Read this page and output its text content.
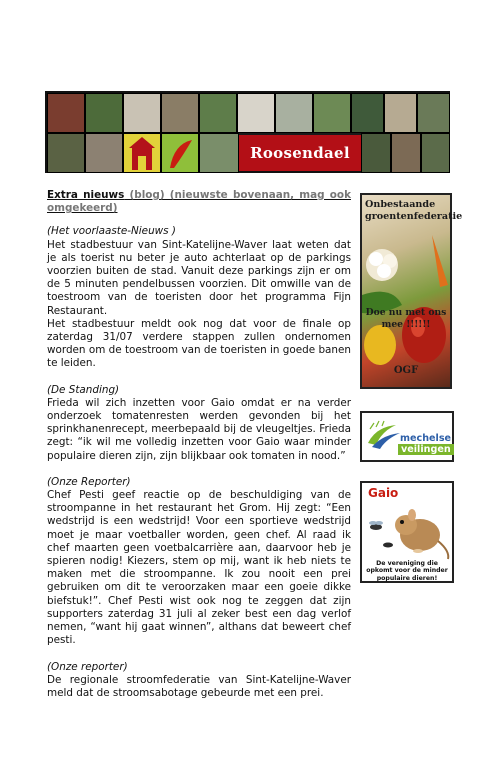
Roosendael

Extra nieuws (blog) (nieuwste bovenaan, mag ook omgekeerd)

(Het voorlaaste-Nieuws )

Het stadbestuur van Sint-Katelijne-Waver laat weten dat je als toerist nu beter je auto achterlaat op de parkings voorzien buiten de stad. Vanuit deze parkings zijn er om de 5 minuten pendelbussen voorzien. Dit omwille van de toestroom van de toeristen door het programma Fijn Restaurant.

Het stadbestuur meldt ook nog dat voor de finale op zaterdag 31/07 verdere stappen zullen ondernomen worden om de toestroom van de toeristen in goede banen te leiden.

(De Standing)

Frieda wil zich inzetten voor Gaio omdat er na verder onderzoek tomatenresten werden gevonden bij het sprinkhanenrecept, meerbepaald bij de vleugeltjes. Frieda zegt: “ik wil me volledig inzetten voor Gaio waar minder populaire dieren zijn, zijn blijkbaar ook tomaten in nood.”

(Onze Reporter)

Chef Pesti geef reactie op de beschuldiging van de stroompanne in het restaurant het Grom. Hij zegt: “Een wedstrijd is een wedstrijd! Voor een sportieve wedstrijd moet je maar voetballer worden, geen chef. Al raad ik chef maarten geen voetbalcarrière aan, daarvoor heb je spieren nodig! Kiezers, stem op mij, want ik heb niets te maken met die stroompanne. Ik zou nooit een prei gebruiken om dit te veroorzaken maar een goeie dikke biefstuk!”. Chef Pesti wist ook nog te zeggen dat zijn supporters zaterdag 31 juli al zeker best een dag verlof nemen, “want hij gaat winnen”, althans dat beweert chef pesti.

(Onze reporter)

De regionale stroomfederatie van Sint-Katelijne-Waver meld dat de stroomsabotage gebeurde met een prei.

Onbestaande groentenfederatie
Doe nu met ons mee !!!!!!
OGF
mechelse
veilingen
Gaio
De vereniging die opkomt voor de minder populaire dieren!
